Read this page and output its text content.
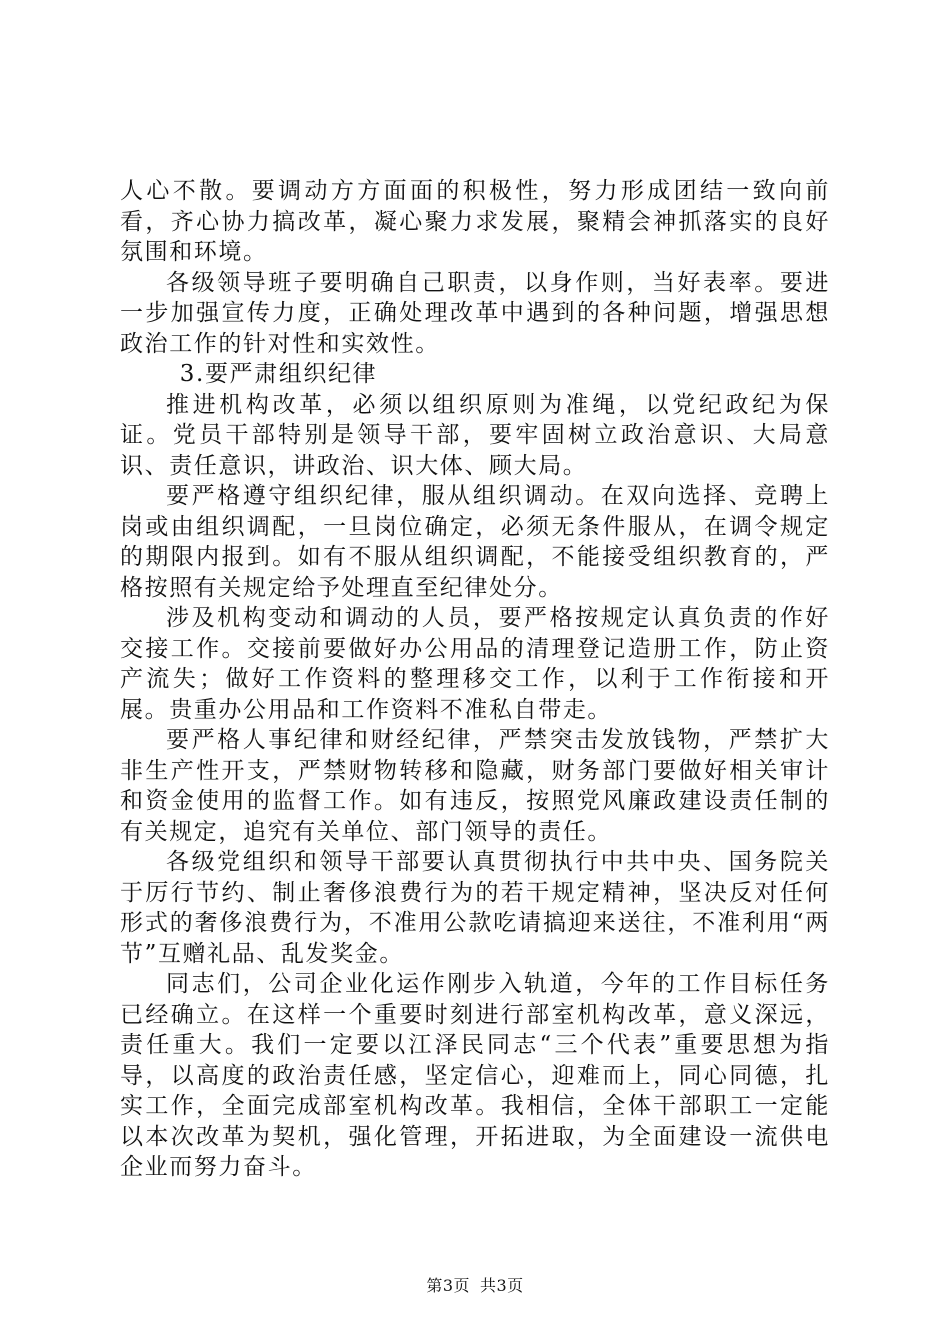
人心不散。要调动方方面面的积极性，努力形成团结一致向前看，齐心协力搞改革，凝心聚力求发展，聚精会神抓落实的良好氛围和环境。

各级领导班子要明确自己职责，以身作则，当好表率。要进一步加强宣传力度，正确处理改革中遇到的各种问题，增强思想政治工作的针对性和实效性。

3.要严肃组织纪律

推进机构改革，必须以组织原则为准绳，以党纪政纪为保证。党员干部特别是领导干部，要牢固树立政治意识、大局意识、责任意识，讲政治、识大体、顾大局。

要严格遵守组织纪律，服从组织调动。在双向选择、竞聘上岗或由组织调配，一旦岗位确定，必须无条件服从，在调令规定的期限内报到。如有不服从组织调配，不能接受组织教育的，严格按照有关规定给予处理直至纪律处分。

涉及机构变动和调动的人员，要严格按规定认真负责的作好交接工作。交接前要做好办公用品的清理登记造册工作，防止资产流失；做好工作资料的整理移交工作，以利于工作衔接和开展。贵重办公用品和工作资料不准私自带走。

要严格人事纪律和财经纪律，严禁突击发放钱物，严禁扩大非生产性开支，严禁财物转移和隐藏，财务部门要做好相关审计和资金使用的监督工作。如有违反，按照党风廉政建设责任制的有关规定，追究有关单位、部门领导的责任。

各级党组织和领导干部要认真贯彻执行中共中央、国务院关于厉行节约、制止奢侈浪费行为的若干规定精神，坚决反对任何形式的奢侈浪费行为，不准用公款吃请搞迎来送往，不准利用“两节”互赠礼品、乱发奖金。

同志们，公司企业化运作刚步入轨道，今年的工作目标任务已经确立。在这样一个重要时刻进行部室机构改革，意义深远，责任重大。我们一定要以江泽民同志“三个代表”重要思想为指导，以高度的政治责任感，坚定信心，迎难而上，同心同德，扎实工作，全面完成部室机构改革。我相信，全体干部职工一定能以本次改革为契机，强化管理，开拓进取，为全面建设一流供电企业而努力奋斗。

第3页 共3页
